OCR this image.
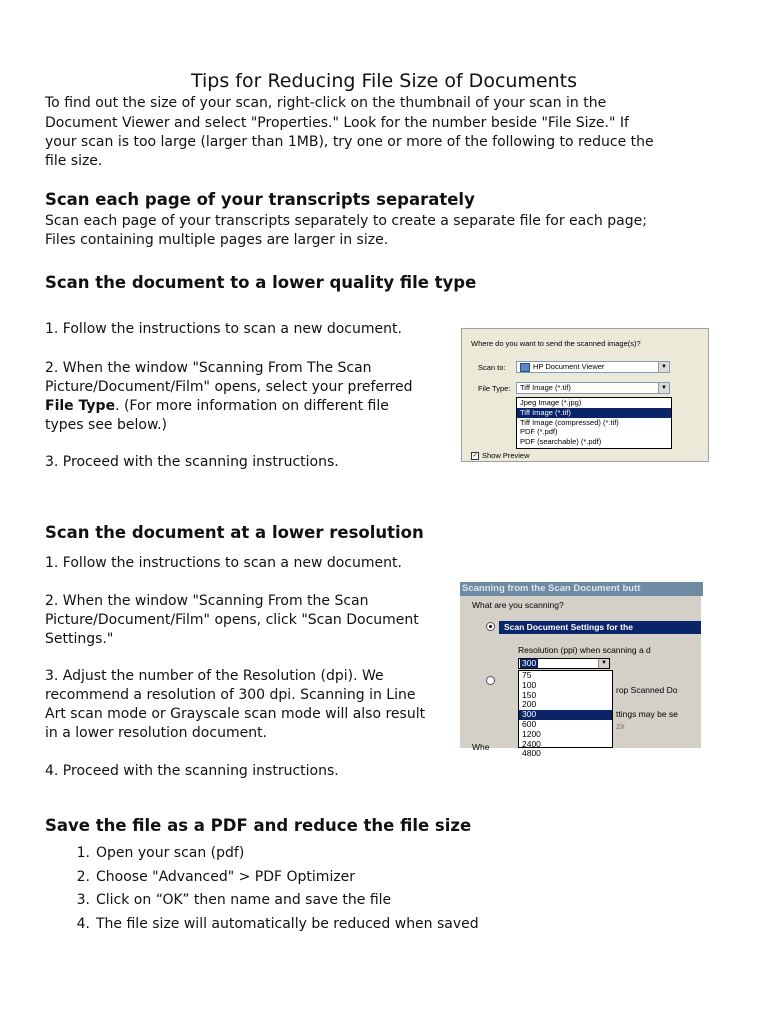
Tips for Reducing File Size of Documents

To find out the size of your scan, right-click on the thumbnail of your scan in the

Document Viewer and select "Properties." Look for the number beside "File Size." If

your scan is too large (larger than 1MB), try one or more of the following to reduce the

file size.

Scan each page of your transcripts separately

Scan each page of your transcripts separately to create a separate file for each page;

Files containing multiple pages are larger in size.

Scan the document to a lower quality file type

1. Follow the instructions to scan a new document.

2. When the window "Scanning From The Scan

Picture/Document/Film" opens, select your preferred

File Type. (For more information on different file

types see below.)

3. Proceed with the scanning instructions.

Where do you want to send the scanned image(s)?
Scan to:	HP Document Viewer	▼
File Type:	Tiff Image (*.tif)	▼
Jpeg Image (*.jpg)
Tiff Image (*.tif)
Tiff Image (compressed) (*.tif)
PDF (*.pdf)
PDF (searchable) (*.pdf)
✓ Show Preview
Scan the document at a lower resolution

1. Follow the instructions to scan a new document.

2. When the window "Scanning From the Scan

Picture/Document/Film" opens, click "Scan Document

Settings."

3. Adjust the number of the Resolution (dpi). We

recommend a resolution of 300 dpi. Scanning in Line

Art scan mode or Grayscale scan mode will also result

in a lower resolution document.

4. Proceed with the scanning instructions.

Scanning from the Scan Document butt
What are you scanning?
Scan Document Settings for the
Resolution (ppi) when scanning a d
300	▼
75
100
150
200
300
600
1200
2400
4800
rop Scanned Do
ttings may be se
zir
Whe
Save the file as a PDF and reduce the file size
1. Open your scan (pdf)
2. Choose "Advanced" > PDF Optimizer
3. Click on “OK” then name and save the file
4. The file size will automatically be reduced when saved
